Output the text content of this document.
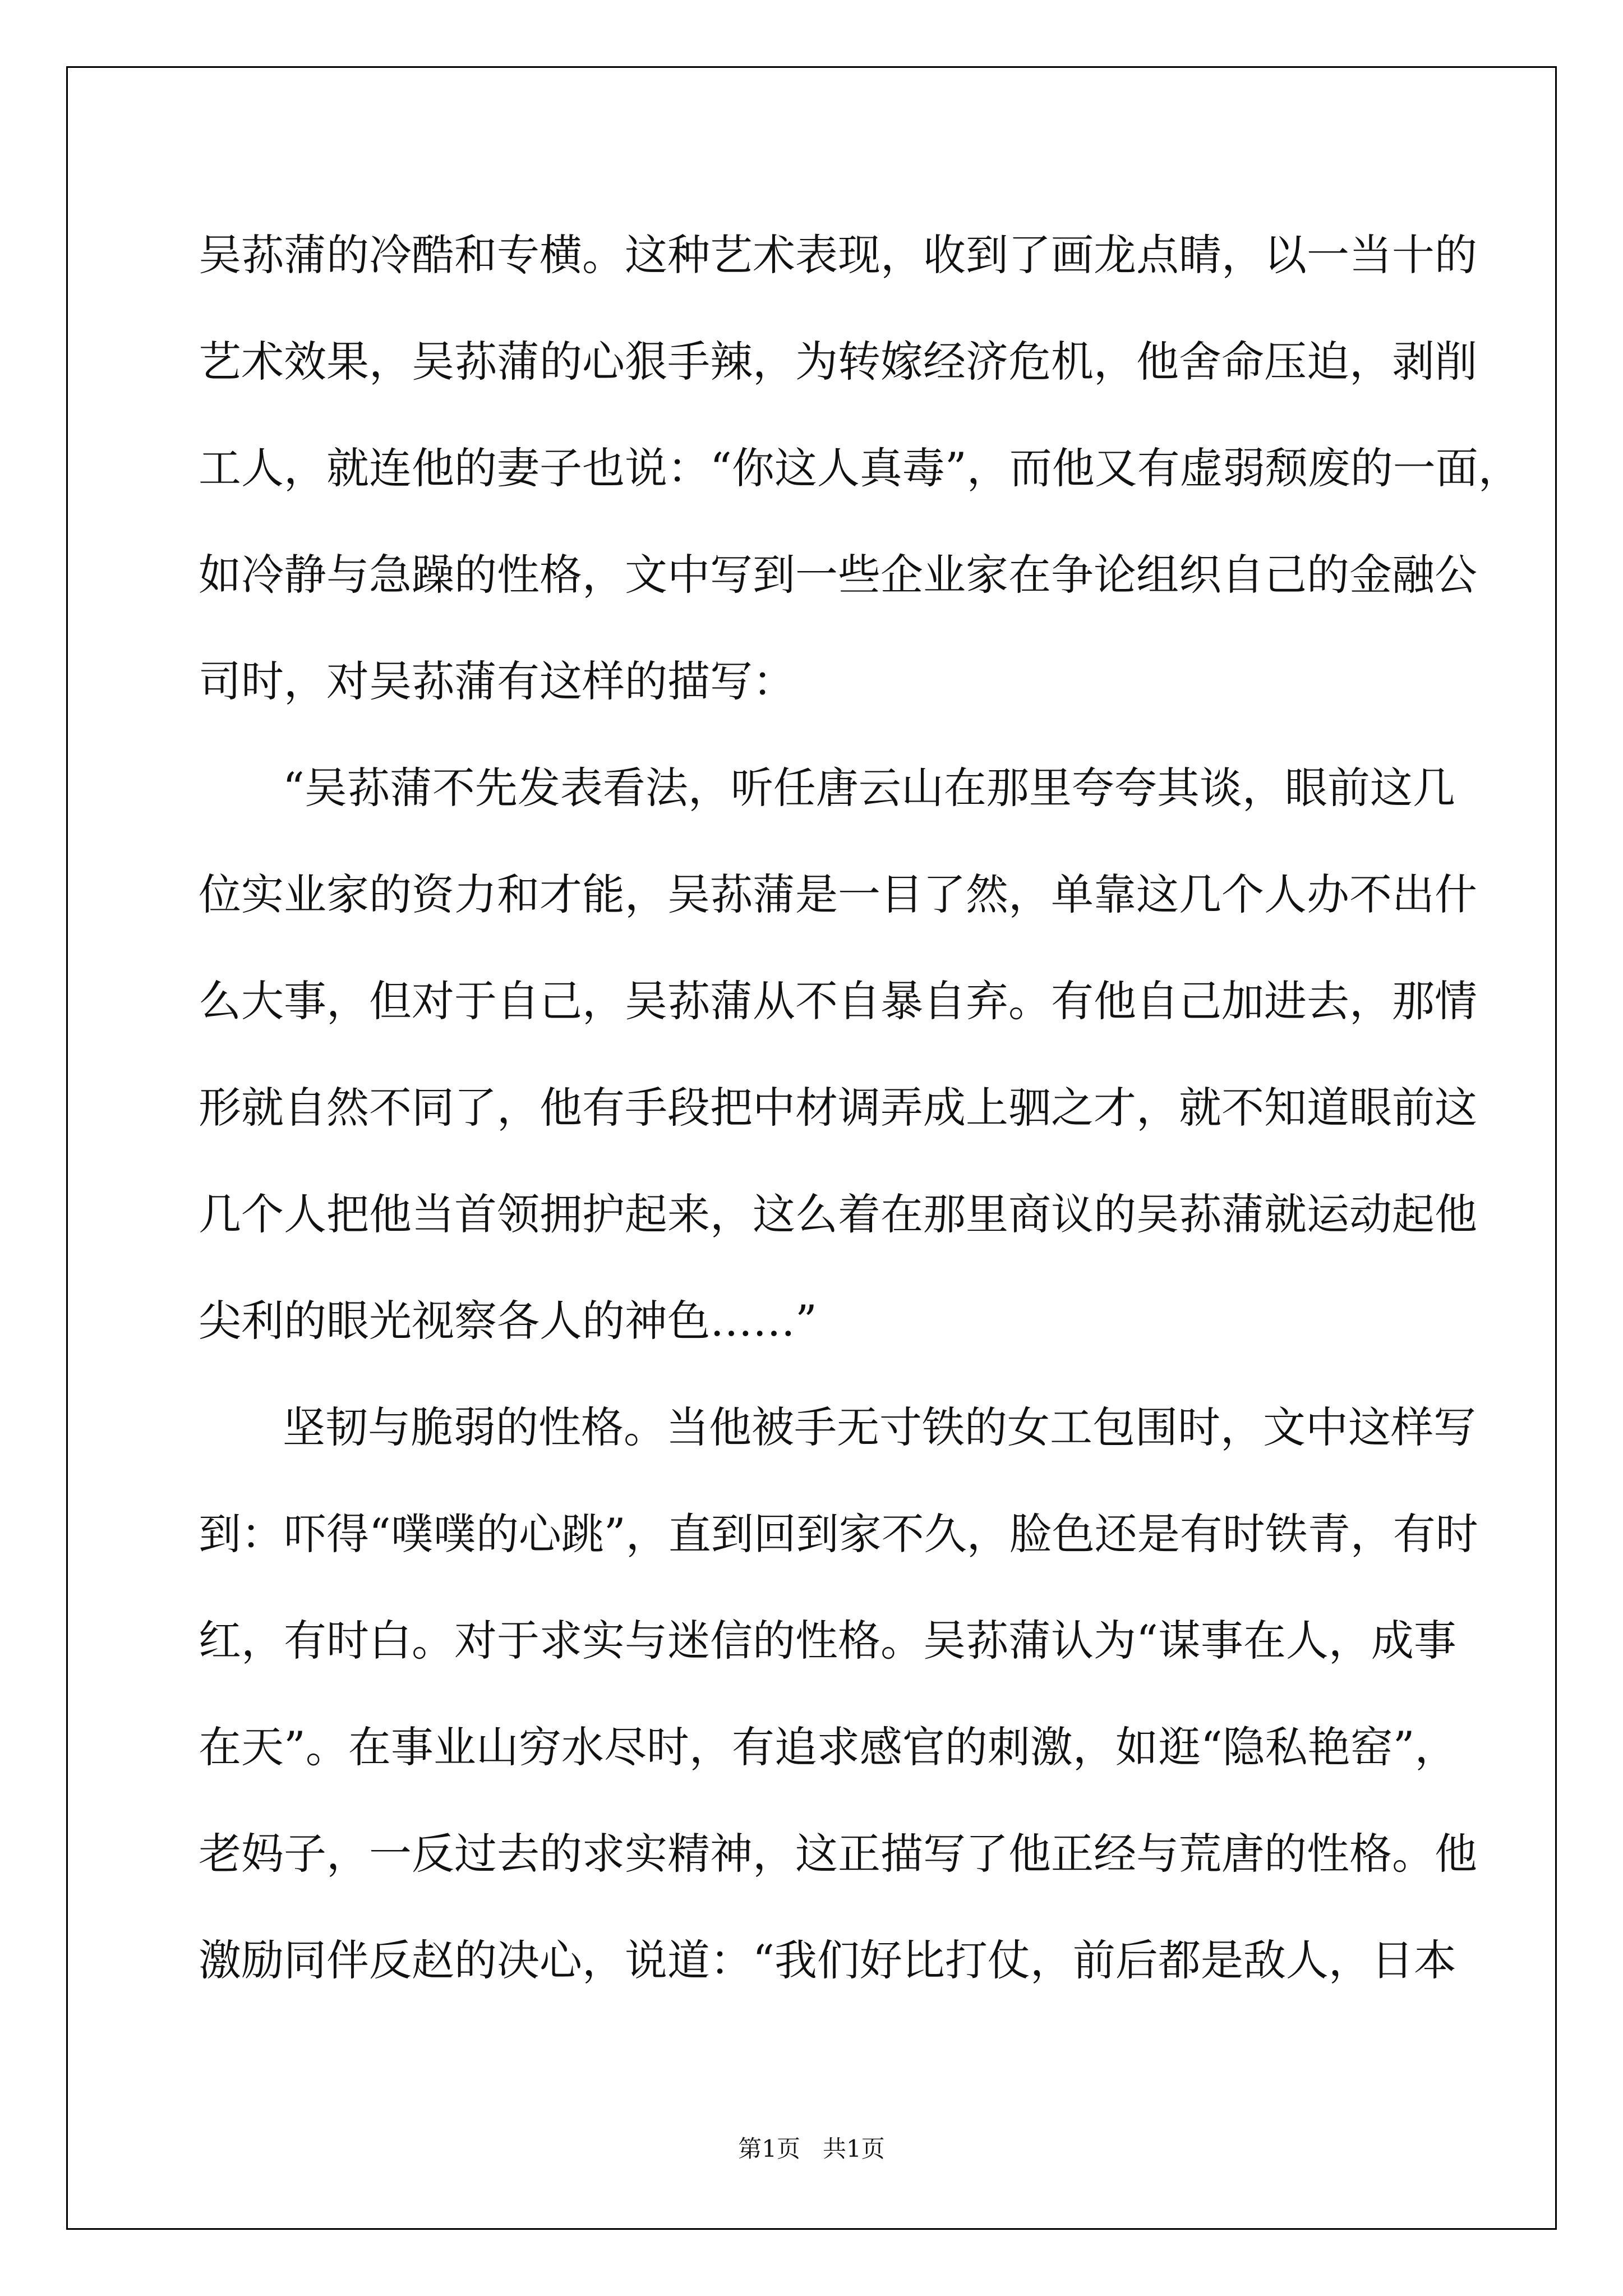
吴荪蒲的冷酷和专横。这种艺术表现，收到了画龙点睛，以一当十的
艺术效果，吴荪蒲的心狠手辣，为转嫁经济危机，他舍命压迫，剥削
工人，就连他的妻子也说：“你这人真毒”，而他又有虚弱颓废的一面，
如冷静与急躁的性格，文中写到一些企业家在争论组织自己的金融公
司时，对吴荪蒲有这样的描写：
“吴荪蒲不先发表看法，听任唐云山在那里夸夸其谈，眼前这几
位实业家的资力和才能，吴荪蒲是一目了然，单靠这几个人办不出什
么大事，但对于自己，吴荪蒲从不自暴自弃。有他自己加进去，那情
形就自然不同了，他有手段把中材调弄成上驷之才，就不知道眼前这
几个人把他当首领拥护起来，这么着在那里商议的吴荪蒲就运动起他
尖利的眼光视察各人的神色……”
坚韧与脆弱的性格。当他被手无寸铁的女工包围时，文中这样写
到：吓得“噗噗的心跳”，直到回到家不久，脸色还是有时铁青，有时
红，有时白。对于求实与迷信的性格。吴荪蒲认为“谋事在人，成事
在天”。在事业山穷水尽时，有追求感官的刺激，如逛“隐私艳窑”，
老妈子，一反过去的求实精神，这正描写了他正经与荒唐的性格。他
激励同伴反赵的决心，说道：“我们好比打仗，前后都是敌人，日本
第1页   共1页
